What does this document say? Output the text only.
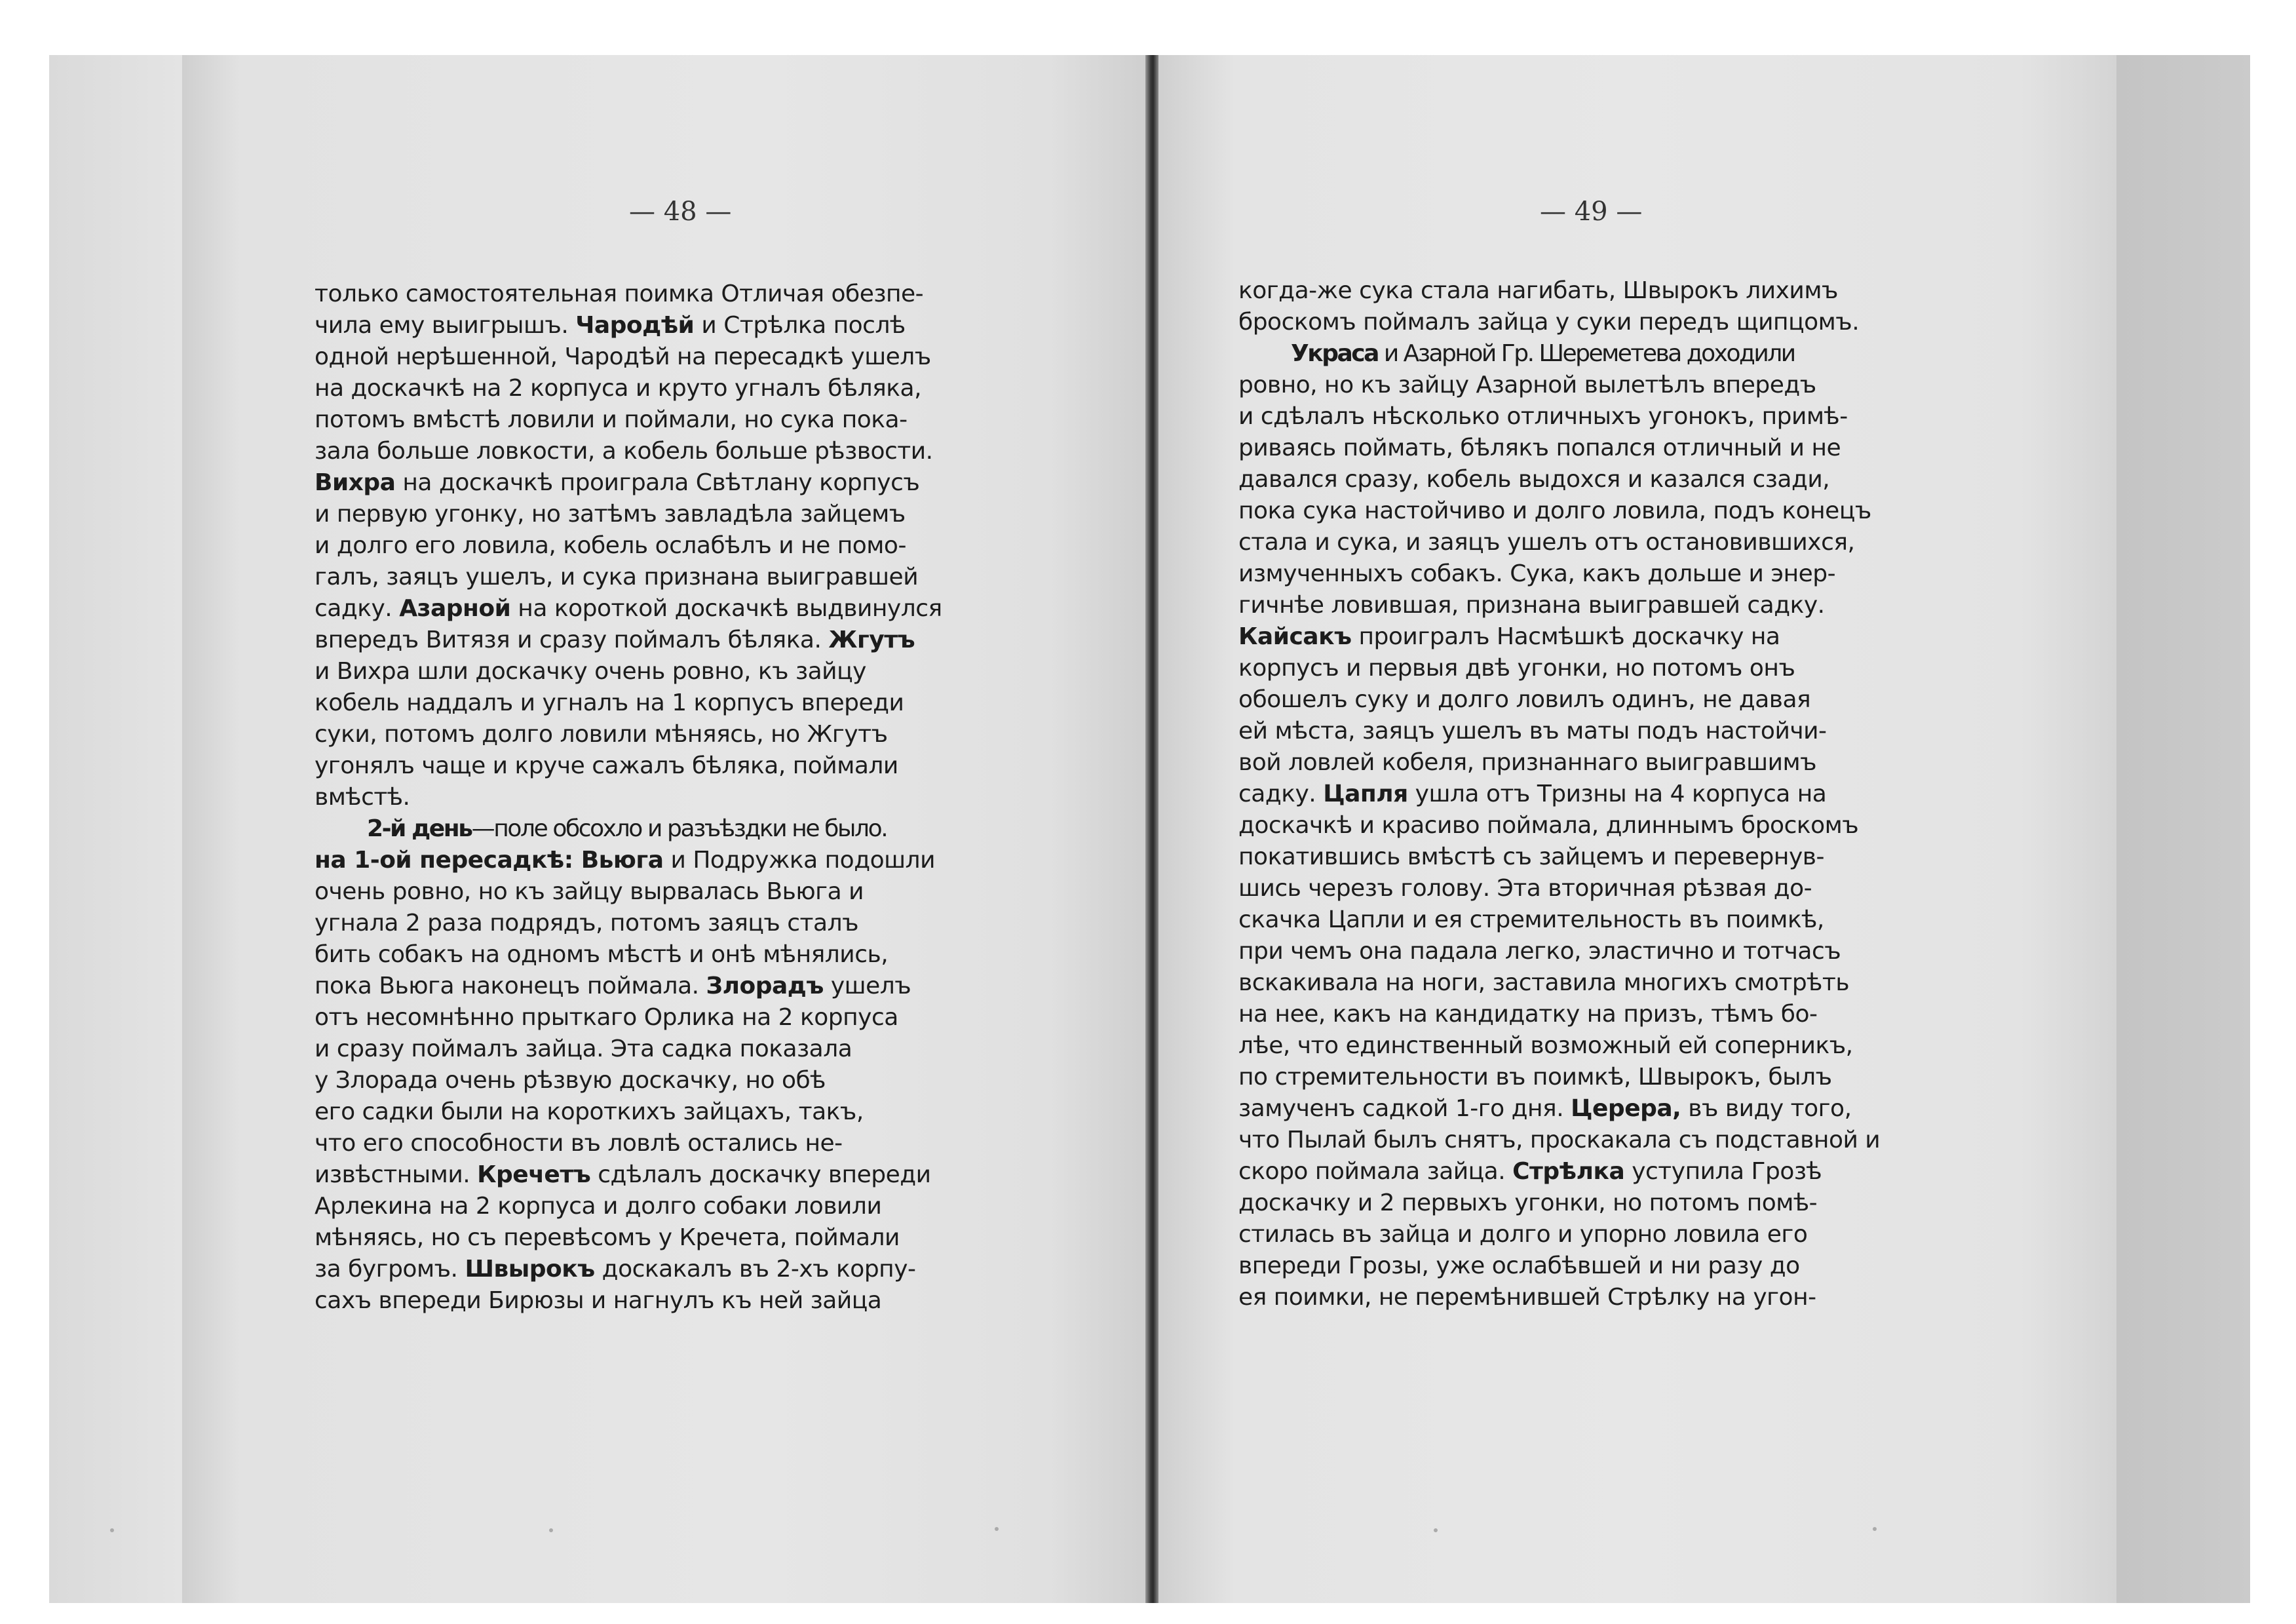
— 48 —	— 49 —
только самостоятельная поимка Отличая обезпе-
чила ему выигрышъ. Чародѣй и Стрѣлка послѣ
одной нерѣшенной, Чародѣй на пересадкѣ ушелъ
на доскачкѣ на 2 корпуса и круто угналъ бѣляка,
потомъ вмѣстѣ ловили и поймали, но сука пока-
зала больше ловкости, а кобель больше рѣзвости.
Вихра на доскачкѣ проиграла Свѣтлану корпусъ
и первую угонку, но затѣмъ завладѣла зайцемъ
и долго его ловила, кобель ослабѣлъ и не помо-
галъ, заяцъ ушелъ, и сука признана выигравшей
садку. Азарной на короткой доскачкѣ выдвинулся
впередъ Витязя и сразу поймалъ бѣляка. Жгутъ
и Вихра шли доскачку очень ровно, къ зайцу
кобель наддалъ и угналъ на 1 корпусъ впереди
суки, потомъ долго ловили мѣняясь, но Жгутъ
угонялъ чаще и круче сажалъ бѣляка, поймали
вмѣстѣ.
2-й день—поле обсохло и разъѣздки не было.
на 1-ой пересадкѣ: Вьюга и Подружка подошли
очень ровно, но къ зайцу вырвалась Вьюга и
угнала 2 раза подрядъ, потомъ заяцъ сталъ
бить собакъ на одномъ мѣстѣ и онѣ мѣнялись,
пока Вьюга наконецъ поймала. Злорадъ ушелъ
отъ несомнѣнно прыткаго Орлика на 2 корпуса
и сразу поймалъ зайца. Эта садка показала
у Злорада очень рѣзвую доскачку, но обѣ
его садки были на короткихъ зайцахъ, такъ,
что его способности въ ловлѣ остались не-
извѣстными. Кречетъ сдѣлалъ доскачку впереди
Арлекина на 2 корпуса и долго собаки ловили
мѣняясь, но съ перевѣсомъ у Кречета, поймали
за бугромъ. Швырокъ доскакалъ въ 2-хъ корпу-
сахъ впереди Бирюзы и нагнулъ къ ней зайца
когда-же сука стала нагибать, Швырокъ лихимъ
броскомъ поймалъ зайца у суки передъ щипцомъ.
Украса и Азарной Гр. Шереметева доходили
ровно, но къ зайцу Азарной вылетѣлъ впередъ
и сдѣлалъ нѣсколько отличныхъ угонокъ, примѣ-
риваясь поймать, бѣлякъ попался отличный и не
давался сразу, кобель выдохся и казался сзади,
пока сука настойчиво и долго ловила, подъ конецъ
стала и сука, и заяцъ ушелъ отъ остановившихся,
измученныхъ собакъ. Сука, какъ дольше и энер-
гичнѣе ловившая, признана выигравшей садку.
Кайсакъ проигралъ Насмѣшкѣ доскачку на
корпусъ и первыя двѣ угонки, но потомъ онъ
обошелъ суку и долго ловилъ одинъ, не давая
ей мѣста, заяцъ ушелъ въ маты подъ настойчи-
вой ловлей кобеля, признаннаго выигравшимъ
садку. Цапля ушла отъ Тризны на 4 корпуса на
доскачкѣ и красиво поймала, длиннымъ броскомъ
покатившись вмѣстѣ съ зайцемъ и перевернув-
шись черезъ голову. Эта вторичная рѣзвая до-
скачка Цапли и ея стремительность въ поимкѣ,
при чемъ она падала легко, эластично и тотчасъ
вскакивала на ноги, заставила многихъ смотрѣть
на нее, какъ на кандидатку на призъ, тѣмъ бо-
лѣе, что единственный возможный ей соперникъ,
по стремительности въ поимкѣ, Швырокъ, былъ
замученъ садкой 1-го дня. Церера, въ виду того,
что Пылай былъ снятъ, проскакала съ подставной и
скоро поймала зайца. Стрѣлка уступила Грозѣ
доскачку и 2 первыхъ угонки, но потомъ помѣ-
стилась въ зайца и долго и упорно ловила его
впереди Грозы, уже ослабѣвшей и ни разу до
ея поимки, не перемѣнившей Стрѣлку на угон-
